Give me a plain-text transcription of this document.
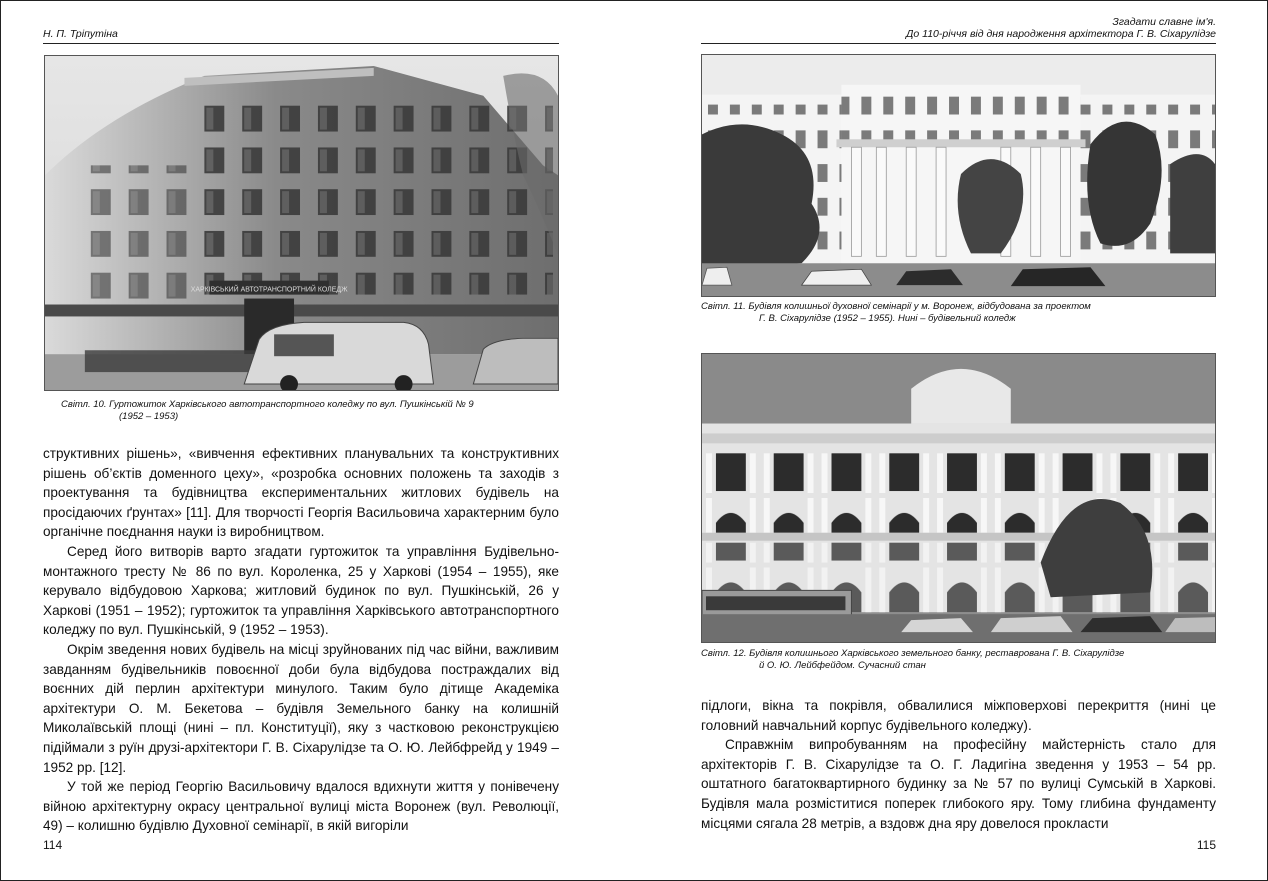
Н. П. Тріпутіна
ХАРКІВСЬКИЙ АВТОТРАНСПОРТНИЙ КОЛЕДЖ
Світл. 10. Гуртожиток Харківського автотранспортного коледжу по вул. Пушкінській № 9
(1952 – 1953)

структивних рішень», «вивчення ефективних планувальних та конструктивних рішень об’єктів доменного цеху», «розробка основних положень та заходів з проектування та будівництва експериментальних житлових будівель на просідаючих ґрунтах» [11]. Для творчості Георгія Васильовича характерним було органічне поєднання науки із виробництвом.

Серед його витворів варто згадати гуртожиток та управління Будівельно-монтажного тресту № 86 по вул. Короленка, 25 у Харкові (1954 – 1955), яке керувало відбудовою Харкова; житловий будинок по вул. Пушкінській, 26 у Харкові (1951 – 1952); гуртожиток та управління Харківського автотранспортного коледжу по вул. Пушкінській, 9 (1952 – 1953).

Окрім зведення нових будівель на місці зруйнованих під час війни, важливим завданням будівельників повоєнної доби була відбудова постраждалих від воєнних дій перлин архітектури минулого. Таким було дітище Академіка архітектури О. М. Бекетова – будівля Земельного банку на колишній Миколаївській площі (нині – пл. Конституції), яку з частковою реконструкцією підіймали з руїн друзі-архітектори Г. В. Сіхарулідзе та О. Ю. Лейбфрейд у 1949 – 1952 рр. [12].

У той же період Георгію Васильовичу вдалося вдихнути життя у понівечену війною архітектурну окрасу центральної вулиці міста Воронеж (вул. Революції, 49) – колишню будівлю Духовної семінарії, в якій вигоріли

114
Згадати славне ім'я.
До 110-річчя від дня народження архітектора Г. В. Сіхарулідзе
Світл. 11. Будівля колишньої духовної семінарії у м. Воронеж, відбудована за проектом
Г. В. Сіхарулідзе (1952 – 1955). Нині – будівельний коледж
Світл. 12. Будівля колишнього Харківського земельного банку, реставрована Г. В. Сіхарулідзе
й О. Ю. Лейбфейдом. Сучасний стан

підлоги, вікна та покрівля, обвалилися міжповерхові перекриття (нині це головний навчальний корпус будівельного коледжу).

Справжнім випробуванням на професійну майстерність стало для архітекторів Г. В. Сіхарулідзе та О. Г. Ладигіна зведення у 1953 – 54 рр. оштатного багатоквартирного будинку за № 57 по вулиці Сумській в Харкові. Будівля мала розміститися поперек глибокого яру. Тому глибина фундаменту місцями сягала 28 метрів, а вздовж дна яру довелося прокласти

115
